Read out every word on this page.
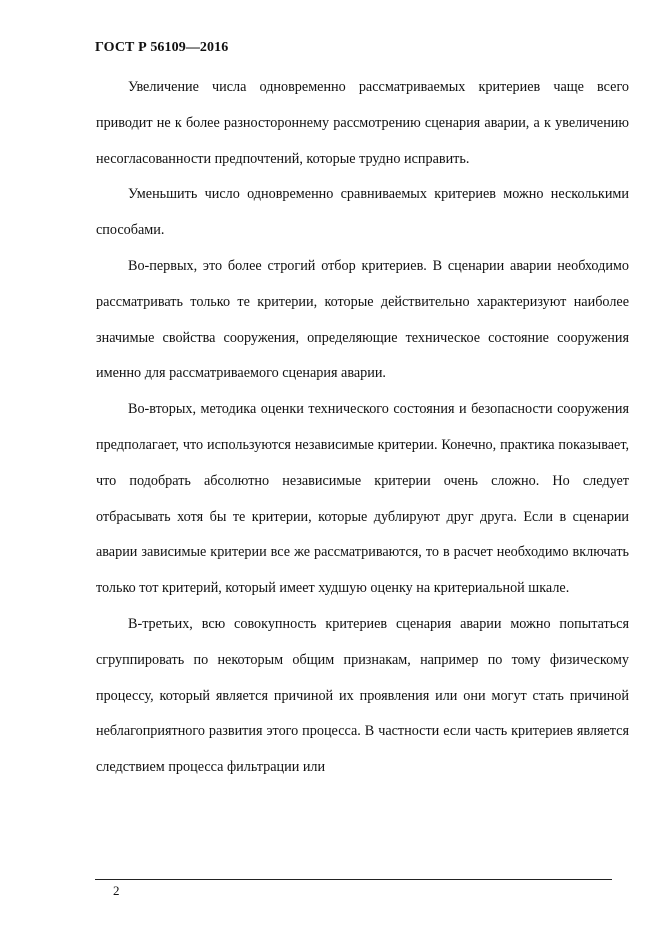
ГОСТ Р 56109—2016

Увеличение числа одновременно рассматриваемых критериев чаще всего приводит не к более разностороннему рассмотрению сценария аварии, а к увеличению несогласованности предпочтений, которые трудно исправить.

Уменьшить число одновременно сравниваемых критериев можно несколькими способами.

Во-первых, это более строгий отбор критериев. В сценарии аварии необходимо рассматривать только те критерии, которые действительно характеризуют наиболее значимые свойства сооружения, определяющие техническое состояние сооружения именно для рассматриваемого сценария аварии.

Во-вторых, методика оценки технического состояния и безопасности сооружения предполагает, что используются независимые критерии. Конечно, практика показывает, что подобрать абсолютно независимые критерии очень сложно. Но следует отбрасывать хотя бы те критерии, которые дублируют друг друга. Если в сценарии аварии зависимые критерии все же рассматриваются, то в расчет необходимо включать только тот критерий, который имеет худшую оценку на критериальной шкале.

В-третьих, всю совокупность критериев сценария аварии можно попытаться сгруппировать по некоторым общим признакам, например по тому физическому процессу, который является причиной их проявления или они могут стать причиной неблагоприятного развития этого процесса. В частности если часть критериев является следствием процесса фильтрации или

2
